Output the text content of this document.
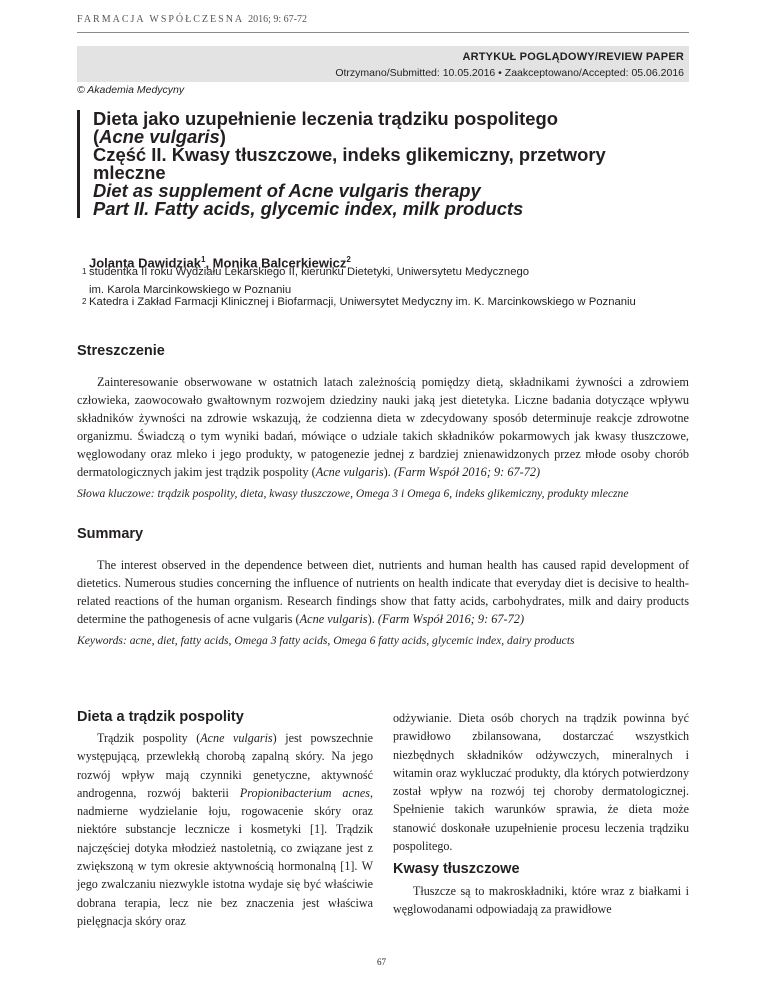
FARMACJA WSPÓŁCZESNA 2016; 9: 67-72
ARTYKUŁ POGLĄDOWY/REVIEW PAPER
Otrzymano/Submitted: 10.05.2016 • Zaakceptowano/Accepted: 05.06.2016
© Akademia Medycyny
Dieta jako uzupełnienie leczenia trądziku pospolitego
(Acne vulgaris)
Część II. Kwasy tłuszczowe, indeks glikemiczny, przetwory
mleczne
Diet as supplement of Acne vulgaris therapy
Part II. Fatty acids, glycemic index, milk products
Jolanta Dawidziak$^1$, Monika Balcerkiewicz$^2$
1 studentka II roku Wydziału Lekarskiego II, kierunku Dietetyki, Uniwersytetu Medycznego
im. Karola Marcinkowskiego w Poznaniu
2 Katedra i Zakład Farmacji Klinicznej i Biofarmacji, Uniwersytet Medyczny im. K. Marcinkowskiego w Poznaniu
Streszczenie

Zainteresowanie obserwowane w ostatnich latach zależnością pomiędzy dietą, składnikami żywności a zdrowiem człowieka, zaowocowało gwałtownym rozwojem dziedziny nauki jaką jest dietetyka. Liczne badania dotyczące wpływu składników żywności na zdrowie wskazują, że codzienna dieta w zdecydowany sposób determinuje reakcje zdrowotne organizmu. Świadczą o tym wyniki badań, mówiące o udziale takich składników pokarmowych jak kwasy tłuszczowe, węglowodany oraz mleko i jego produkty, w patogenezie jednej z bardziej znienawidzonych przez młode osoby chorób dermatologicznych jakim jest trądzik pospolity (Acne vulgaris). (Farm Współ 2016; 9: 67-72)

Słowa kluczowe: trądzik pospolity, dieta, kwasy tłuszczowe, Omega 3 i Omega 6, indeks glikemiczny, produkty mleczne

Summary

The interest observed in the dependence between diet, nutrients and human health has caused rapid development of dietetics. Numerous studies concerning the influence of nutrients on health indicate that everyday diet is decisive to health-related reactions of the human organism. Research findings show that fatty acids, carbohydrates, milk and dairy products determine the pathogenesis of acne vulgaris (Acne vulgaris). (Farm Współ 2016; 9: 67-72)

Keywords: acne, diet, fatty acids, Omega 3 fatty acids, Omega 6 fatty acids, glycemic index, dairy products

Dieta a trądzik pospolity

Trądzik pospolity (Acne vulgaris) jest powszechnie występującą, przewlekłą chorobą zapalną skóry. Na jego rozwój wpływ mają czynniki genetyczne, aktywność androgenna, rozwój bakterii Propionibacterium acnes, nadmierne wydzielanie łoju, rogowacenie skóry oraz niektóre substancje lecznicze i kosmetyki [1]. Trądzik najczęściej dotyka młodzież nastoletnią, co związane jest z zwiększoną w tym okresie aktywnością hormonalną [1]. W jego zwalczaniu niezwykle istotna wydaje się być właściwie dobrana terapia, lecz nie bez znaczenia jest właściwa pielęgnacja skóry oraz

odżywianie. Dieta osób chorych na trądzik powinna być prawidłowo zbilansowana, dostarczać wszystkich niezbędnych składników odżywczych, mineralnych i witamin oraz wykluczać produkty, dla których potwierdzony został wpływ na rozwój tej choroby dermatologicznej. Spełnienie takich warunków sprawia, że dieta może stanowić doskonałe uzupełnienie procesu leczenia trądziku pospolitego.

Kwasy tłuszczowe

Tłuszcze są to makroskładniki, które wraz z białkami i węglowodanami odpowiadają za prawidłowe

67
